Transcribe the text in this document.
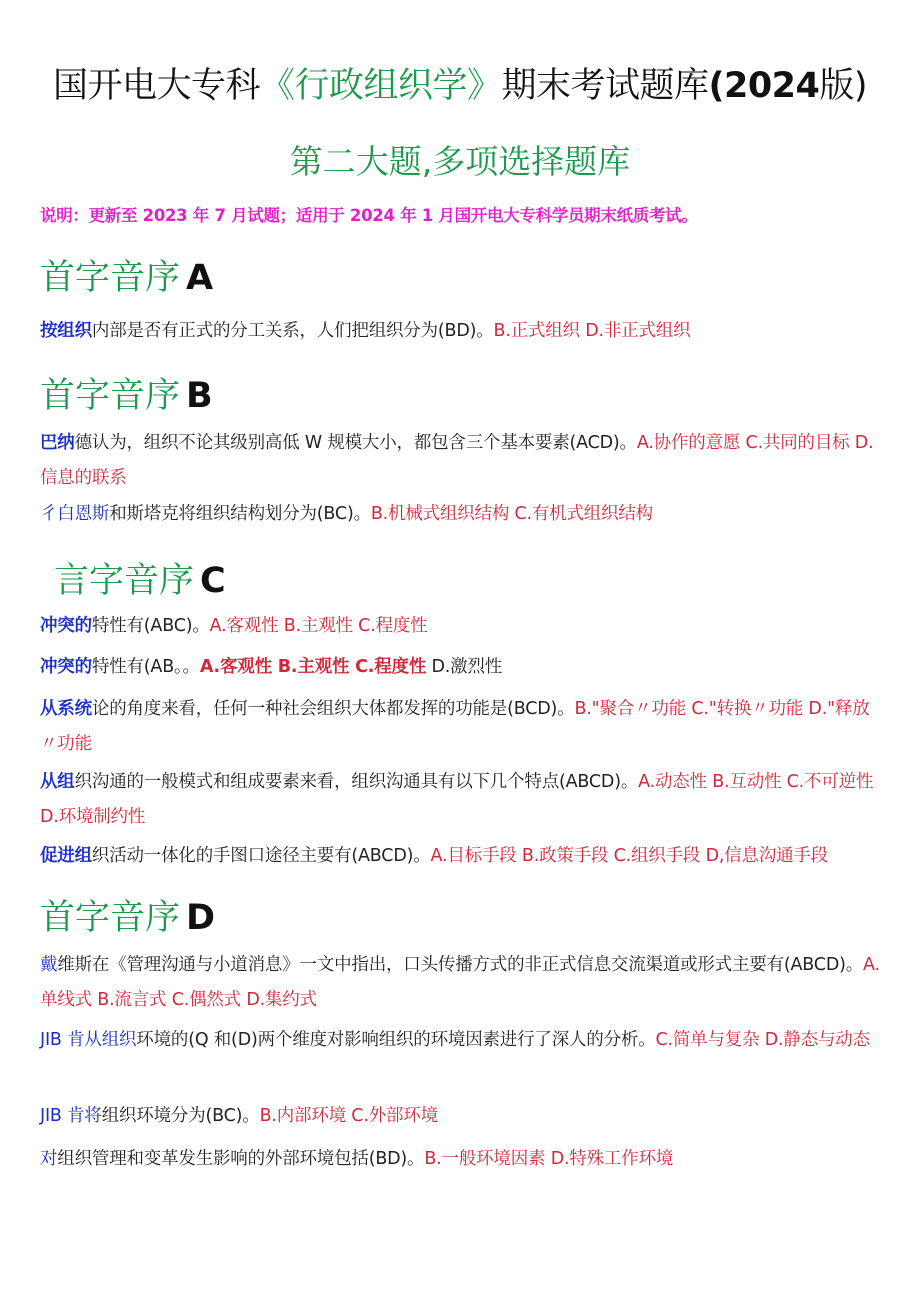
国开电大专科《行政组织学》期末考试题库(2024版)
第二大题,多项选择题库
说明：更新至 2023 年 7 月试题；适用于 2024 年 1 月国开电大专科学员期末纸质考试。
首字音序 A
按组织内部是否有正式的分工关系，人们把组织分为(BD)。B.正式组织 D.非正式组织
首字音序 B
巴纳德认为，组织不论其级别高低 W 规模大小，都包含三个基本要素(ACD)。A.协作的意愿 C.共同的目标 D.信息的联系
彳白恩斯和斯塔克将组织结构划分为(BC)。B.机械式组织结构 C.有机式组织结构
言字音序 C
冲突的特性有(ABC)。A.客观性 B.主观性 C.程度性
冲突的特性有(AB。。A.客观性 B.主观性 C.程度性 D.激烈性
从系统论的角度来看，任何一种社会组织大体都发挥的功能是(BCD)。B."聚合〃功能 C."转换〃功能 D."释放〃功能
从组织沟通的一般模式和组成要素来看，组织沟通具有以下几个特点(ABCD)。A.动态性 B.互动性 C.不可逆性 D.环境制约性
促进组织活动一体化的手图口途径主要有(ABCD)。A.目标手段 B.政策手段 C.组织手段 D,信息沟通手段
首字音序 D
戴维斯在《管理沟通与小道消息》一文中指出，口头传播方式的非正式信息交流渠道或形式主要有(ABCD)。A.单线式 B.流言式 C.偶然式 D.集约式
JIB 肯从组织环境的(Q 和(D)两个维度对影响组织的环境因素进行了深人的分析。C.简单与复杂 D.静态与动态
JIB 肯将组织环境分为(BC)。B.内部环境 C.外部环境
对组织管理和变革发生影响的外部环境包括(BD)。B.一般环境因素 D.特殊工作环境
